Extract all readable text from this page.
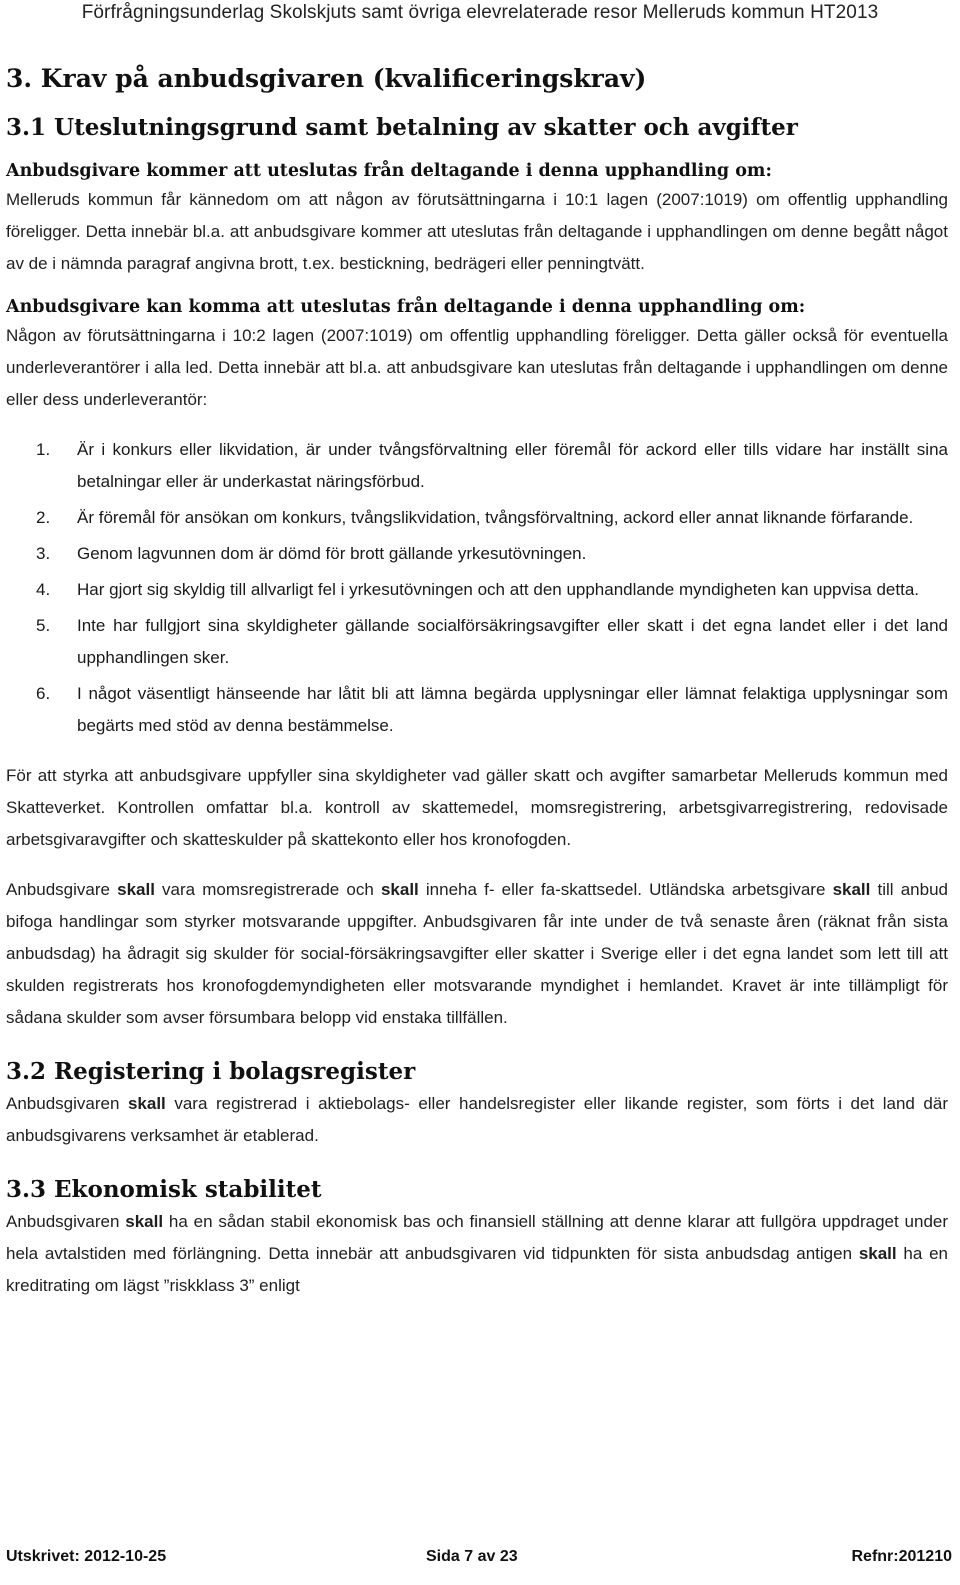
Förfrågningsunderlag Skolskjuts samt övriga elevrelaterade resor Melleruds kommun HT2013
3. Krav på anbudsgivaren (kvalificeringskrav)
3.1 Uteslutningsgrund samt betalning av skatter och avgifter
Anbudsgivare kommer att uteslutas från deltagande i denna upphandling om:

Melleruds kommun får kännedom om att någon av förutsättningarna i 10:1 lagen (2007:1019) om offentlig upphandling föreligger. Detta innebär bl.a. att anbudsgivare kommer att uteslutas från deltagande i upphandlingen om denne begått något av de i nämnda paragraf angivna brott, t.ex. bestickning, bedrägeri eller penningtvätt.

Anbudsgivare kan komma att uteslutas från deltagande i denna upphandling om:

Någon av förutsättningarna i 10:2 lagen (2007:1019) om offentlig upphandling föreligger. Detta gäller också för eventuella underleverantörer i alla led. Detta innebär att bl.a. att anbudsgivare kan uteslutas från deltagande i upphandlingen om denne eller dess underleverantör:

1. Är i konkurs eller likvidation, är under tvångsförvaltning eller föremål för ackord eller tills vidare har inställt sina betalningar eller är underkastat näringsförbud.
2. Är föremål för ansökan om konkurs, tvångslikvidation, tvångsförvaltning, ackord eller annat liknande förfarande.
3. Genom lagvunnen dom är dömd för brott gällande yrkesutövningen.
4. Har gjort sig skyldig till allvarligt fel i yrkesutövningen och att den upphandlande myndigheten kan uppvisa detta.
5. Inte har fullgjort sina skyldigheter gällande socialförsäkringsavgifter eller skatt i det egna landet eller i det land upphandlingen sker.
6. I något väsentligt hänseende har låtit bli att lämna begärda upplysningar eller lämnat felaktiga upplysningar som begärts med stöd av denna bestämmelse.

För att styrka att anbudsgivare uppfyller sina skyldigheter vad gäller skatt och avgifter samarbetar Melleruds kommun med Skatteverket. Kontrollen omfattar bl.a. kontroll av skattemedel, momsregistrering, arbetsgivarregistrering, redovisade arbetsgivaravgifter och skatteskulder på skattekonto eller hos kronofogden.

Anbudsgivare skall vara momsregistrerade och skall inneha f- eller fa-skattsedel. Utländska arbetsgivare skall till anbud bifoga handlingar som styrker motsvarande uppgifter. Anbudsgivaren får inte under de två senaste åren (räknat från sista anbudsdag) ha ådragit sig skulder för social-försäkringsavgifter eller skatter i Sverige eller i det egna landet som lett till att skulden registrerats hos kronofogdemyndigheten eller motsvarande myndighet i hemlandet. Kravet är inte tillämpligt för sådana skulder som avser försumbara belopp vid enstaka tillfällen.

3.2 Registering i bolagsregister

Anbudsgivaren skall vara registrerad i aktiebolags- eller handelsregister eller likande register, som förts i det land där anbudsgivarens verksamhet är etablerad.

3.3 Ekonomisk stabilitet

Anbudsgivaren skall ha en sådan stabil ekonomisk bas och finansiell ställning att denne klarar att fullgöra uppdraget under hela avtalstiden med förlängning. Detta innebär att anbudsgivaren vid tidpunkten för sista anbudsdag antigen skall ha en kreditrating om lägst ”riskklass 3” enligt

Utskrivet: 2012-10-25	Sida 7 av 23	Refnr:201210
